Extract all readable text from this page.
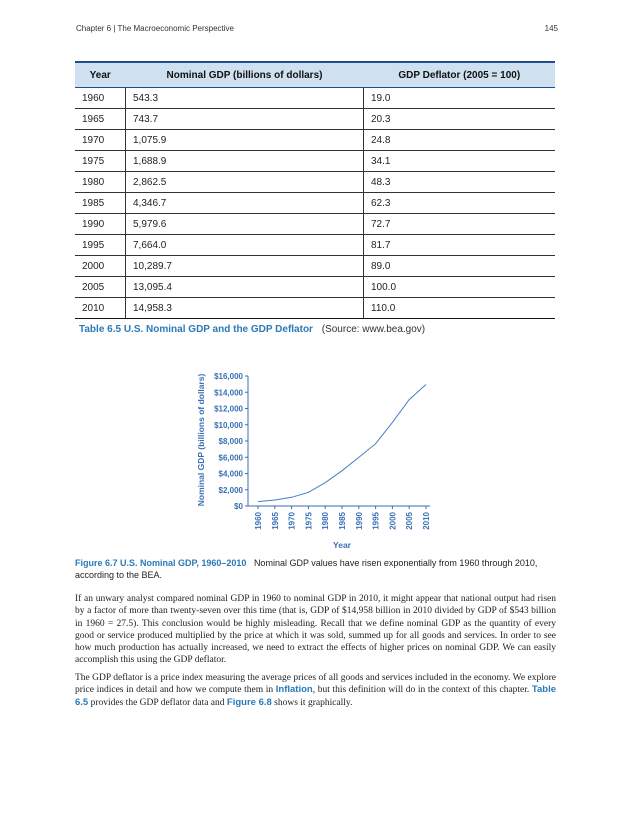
Chapter 6 | The Macroeconomic Perspective	145
Year	Nominal GDP (billions of dollars)	GDP Deflator (2005 = 100)
1960	543.3	19.0
1965	743.7	20.3
1970	1,075.9	24.8
1975	1,688.9	34.1
1980	2,862.5	48.3
1985	4,346.7	62.3
1990	5,979.6	72.7
1995	7,664.0	81.7
2000	10,289.7	89.0
2005	13,095.4	100.0
2010	14,958.3	110.0
Table 6.5 U.S. Nominal GDP and the GDP Deflator (Source: www.bea.gov)
$0
$2,000
$4,000
$6,000
$8,000
$10,000
$12,000
$14,000
$16,000
1960 1965 1970 1975 1980 1985 1990 1995 2000 2005 2010
Nominal GDP (billions of dollars)
Year
Figure 6.7 U.S. Nominal GDP, 1960–2010 Nominal GDP values have risen exponentially from 1960 through 2010, according to the BEA.

If an unwary analyst compared nominal GDP in 1960 to nominal GDP in 2010, it might appear that national output had risen by a factor of more than twenty-seven over this time (that is, GDP of $14,958 billion in 2010 divided by GDP of $543 billion in 1960 = 27.5). This conclusion would be highly misleading. Recall that we define nominal GDP as the quantity of every good or service produced multiplied by the price at which it was sold, summed up for all goods and services. In order to see how much production has actually increased, we need to extract the effects of higher prices on nominal GDP. We can easily accomplish this using the GDP deflator.

The GDP deflator is a price index measuring the average prices of all goods and services included in the economy. We explore price indices in detail and how we compute them in Inflation, but this definition will do in the context of this chapter. Table 6.5 provides the GDP deflator data and Figure 6.8 shows it graphically.
